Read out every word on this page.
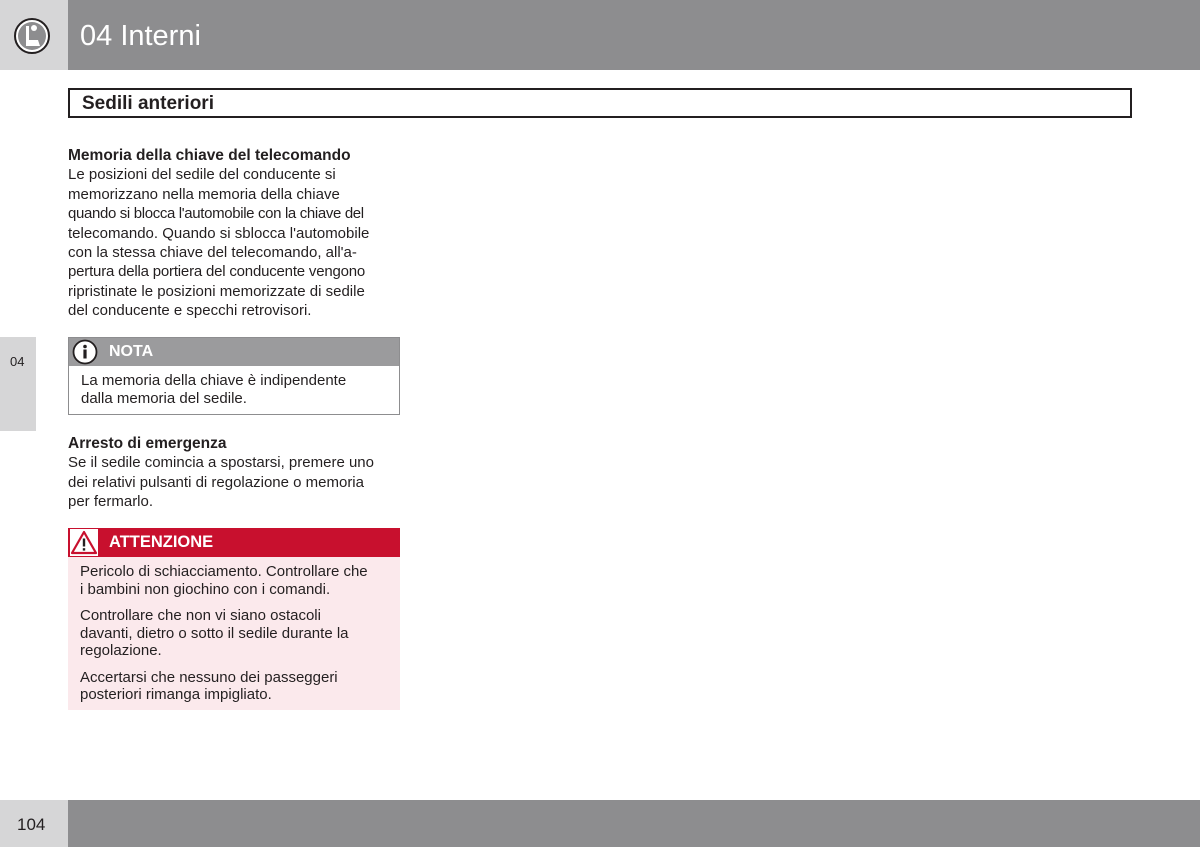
04 Interni
Sedili anteriori
04

Memoria della chiave del telecomando

Le posizioni del sedile del conducente si

memorizzano nella memoria della chiave

quando si blocca l'automobile con la chiave del

telecomando. Quando si sblocca l'automobile

con la stessa chiave del telecomando, all'a-

pertura della portiera del conducente vengono

ripristinate le posizioni memorizzate di sedile

del conducente e specchi retrovisori.

NOTA

La memoria della chiave è indipendente

dalla memoria del sedile.

Arresto di emergenza

Se il sedile comincia a spostarsi, premere uno

dei relativi pulsanti di regolazione o memoria

per fermarlo.

ATTENZIONE

Pericolo di schiacciamento. Controllare che
i bambini non giochino con i comandi.

Controllare che non vi siano ostacoli
davanti, dietro o sotto il sedile durante la
regolazione.

Accertarsi che nessuno dei passeggeri
posteriori rimanga impigliato.

104
